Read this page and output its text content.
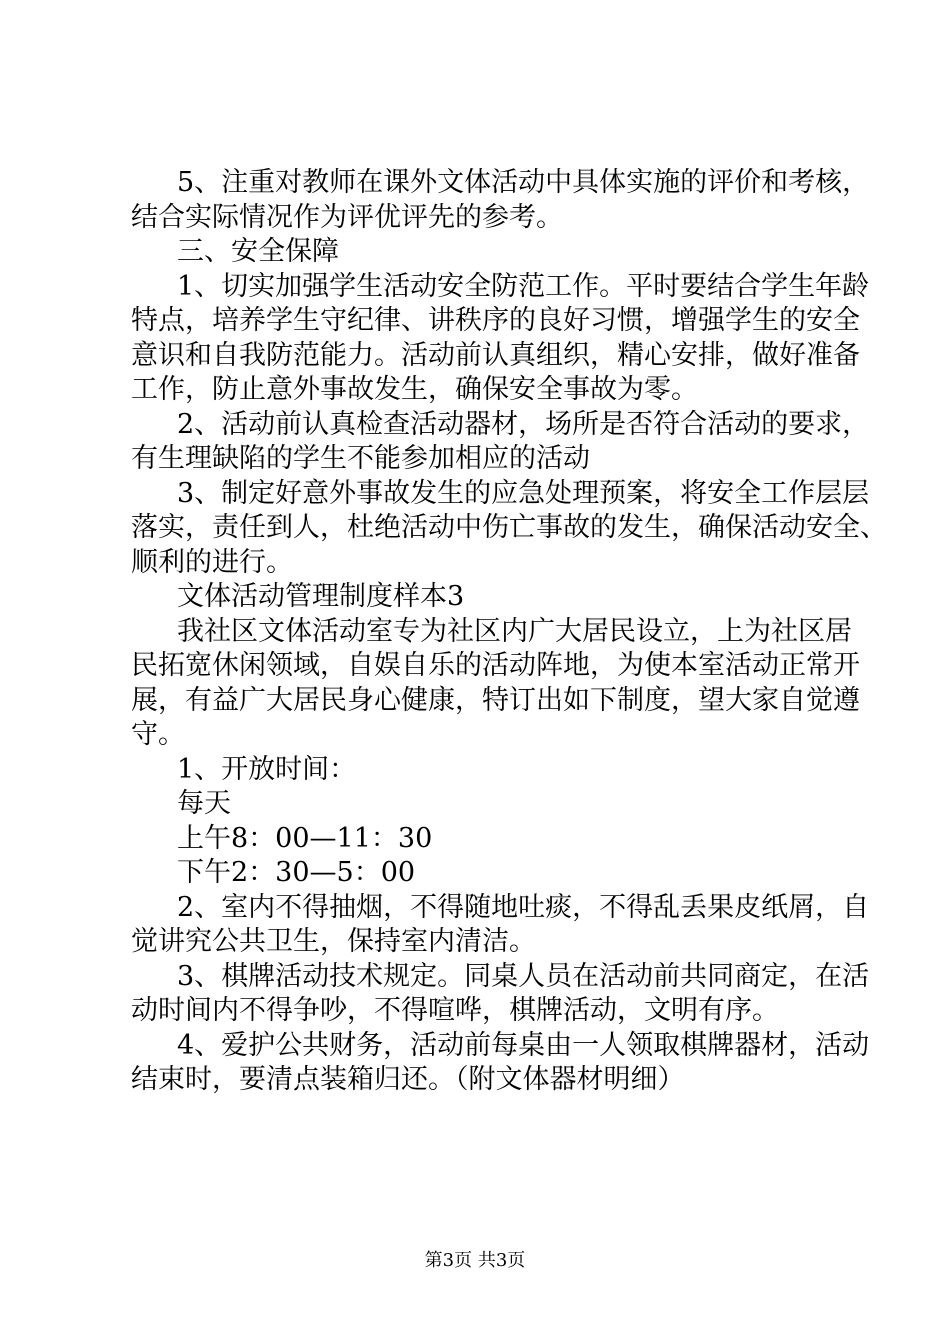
5、注重对教师在课外文体活动中具体实施的评价和考核，
结合实际情况作为评优评先的参考。
三、安全保障
1、切实加强学生活动安全防范工作。平时要结合学生年龄
特点，培养学生守纪律、讲秩序的良好习惯，增强学生的安全
意识和自我防范能力。活动前认真组织，精心安排，做好准备
工作，防止意外事故发生，确保安全事故为零。
2、活动前认真检查活动器材，场所是否符合活动的要求，
有生理缺陷的学生不能参加相应的活动
3、制定好意外事故发生的应急处理预案，将安全工作层层
落实，责任到人，杜绝活动中伤亡事故的发生，确保活动安全、
顺利的进行。
文体活动管理制度样本3
我社区文体活动室专为社区内广大居民设立，上为社区居
民拓宽休闲领域，自娱自乐的活动阵地，为使本室活动正常开
展，有益广大居民身心健康，特订出如下制度，望大家自觉遵
守。
1、开放时间：
每天
上午8：00—11：30
下午2：30—5：00
2、室内不得抽烟，不得随地吐痰，不得乱丢果皮纸屑，自
觉讲究公共卫生，保持室内清洁。
3、棋牌活动技术规定。同桌人员在活动前共同商定，在活
动时间内不得争吵，不得喧哗，棋牌活动，文明有序。
4、爱护公共财务，活动前每桌由一人领取棋牌器材，活动
结束时，要清点装箱归还。（附文体器材明细）
第3页 共3页
